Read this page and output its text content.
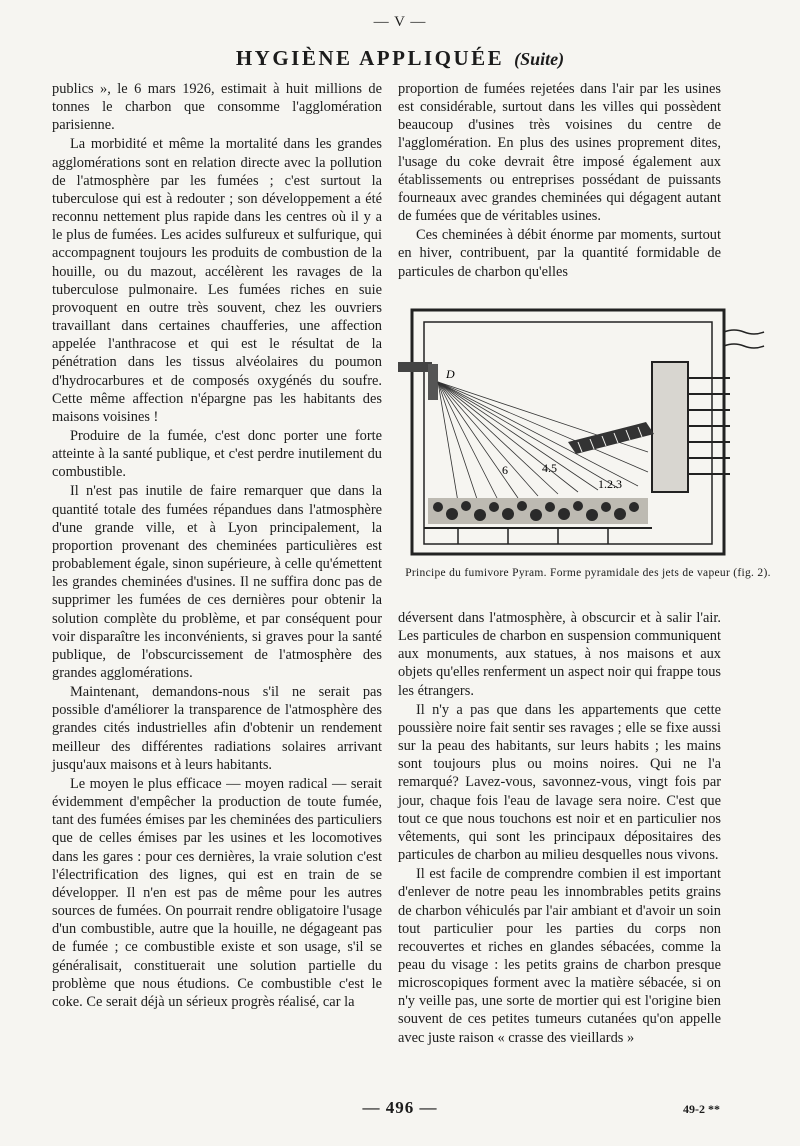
— V —
HYGIÈNE APPLIQUÉE (Suite)

publics », le 6 mars 1926, estimait à huit millions de tonnes le charbon que consomme l'agglomération parisienne.

La morbidité et même la mortalité dans les grandes agglomérations sont en relation directe avec la pollution de l'atmosphère par les fumées ; c'est surtout la tuberculose qui est à redouter ; son développement a été reconnu nettement plus rapide dans les centres où il y a le plus de fumées. Les acides sulfureux et sulfurique, qui accompagnent toujours les produits de combustion de la houille, ou du mazout, accélèrent les ravages de la tuberculose pulmonaire. Les fumées riches en suie provoquent en outre très souvent, chez les ouvriers travaillant dans certaines chaufferies, une affection appelée l'anthracose et qui est le résultat de la pénétration dans les tissus alvéolaires du poumon d'hydrocarbures et de composés oxygénés du soufre. Cette même affection n'épargne pas les habitants des maisons voisines !

Produire de la fumée, c'est donc porter une forte atteinte à la santé publique, et c'est perdre inutilement du combustible.

Il n'est pas inutile de faire remarquer que dans la quantité totale des fumées répandues dans l'atmosphère d'une grande ville, et à Lyon principalement, la proportion provenant des cheminées particulières est probablement égale, sinon supérieure, à celle qu'émettent les grandes cheminées d'usines. Il ne suffira donc pas de supprimer les fumées de ces dernières pour obtenir la solution complète du problème, et par conséquent pour voir disparaître les inconvénients, si graves pour la santé publique, de l'obscurcissement de l'atmosphère des grandes agglomérations.

Maintenant, demandons-nous s'il ne serait pas possible d'améliorer la transparence de l'atmosphère des grandes cités industrielles afin d'obtenir un rendement meilleur des différentes radiations solaires arrivant jusqu'aux maisons et à leurs habitants.

Le moyen le plus efficace — moyen radical — serait évidemment d'empêcher la production de toute fumée, tant des fumées émises par les cheminées des particuliers que de celles émises par les usines et les locomotives dans les gares : pour ces dernières, la vraie solution c'est l'électrification des lignes, qui est en train de se développer. Il n'en est pas de même pour les autres sources de fumées. On pourrait rendre obligatoire l'usage d'un combustible, autre que la houille, ne dégageant pas de fumée ; ce combustible existe et son usage, s'il se généralisait, constituerait une solution partielle du problème que nous étudions. Ce combustible c'est le coke. Ce serait déjà un sérieux progrès réalisé, car la

proportion de fumées rejetées dans l'air par les usines est considérable, surtout dans les villes qui possèdent beaucoup d'usines très voisines du centre de l'agglomération. En plus des usines proprement dites, l'usage du coke devrait être imposé également aux établissements ou entreprises possédant de puissants fourneaux avec grandes cheminées qui dégagent autant de fumées que de véritables usines.

Ces cheminées à débit énorme par moments, surtout en hiver, contribuent, par la quantité formidable de particules de charbon qu'elles

D
6	4.5
1.2.3
Principe du fumivore Pyram. Forme pyramidale des jets de vapeur (fig. 2).

déversent dans l'atmosphère, à obscurcir et à salir l'air. Les particules de charbon en suspension communiquent aux monuments, aux statues, à nos maisons et aux objets qu'elles renferment un aspect noir qui frappe tous les étrangers.

Il n'y a pas que dans les appartements que cette poussière noire fait sentir ses ravages ; elle se fixe aussi sur la peau des habitants, sur leurs habits ; les mains sont toujours plus ou moins noires. Qui ne l'a remarqué? Lavez-vous, savonnez-vous, vingt fois par jour, chaque fois l'eau de lavage sera noire. C'est que tout ce que nous touchons est noir et en particulier nos vêtements, qui sont les principaux dépositaires des particules de charbon au milieu desquelles nous vivons.

Il est facile de comprendre combien il est important d'enlever de notre peau les innombrables petits grains de charbon véhiculés par l'air ambiant et d'avoir un soin tout particulier pour les parties du corps non recouvertes et riches en glandes sébacées, comme la peau du visage : les petits grains de charbon presque microscopiques forment avec la matière sébacée, si on n'y veille pas, une sorte de mortier qui est l'origine bien souvent de ces petites tumeurs cutanées qu'on appelle avec juste raison « crasse des vieillards »

— 496 —	49-2 **
